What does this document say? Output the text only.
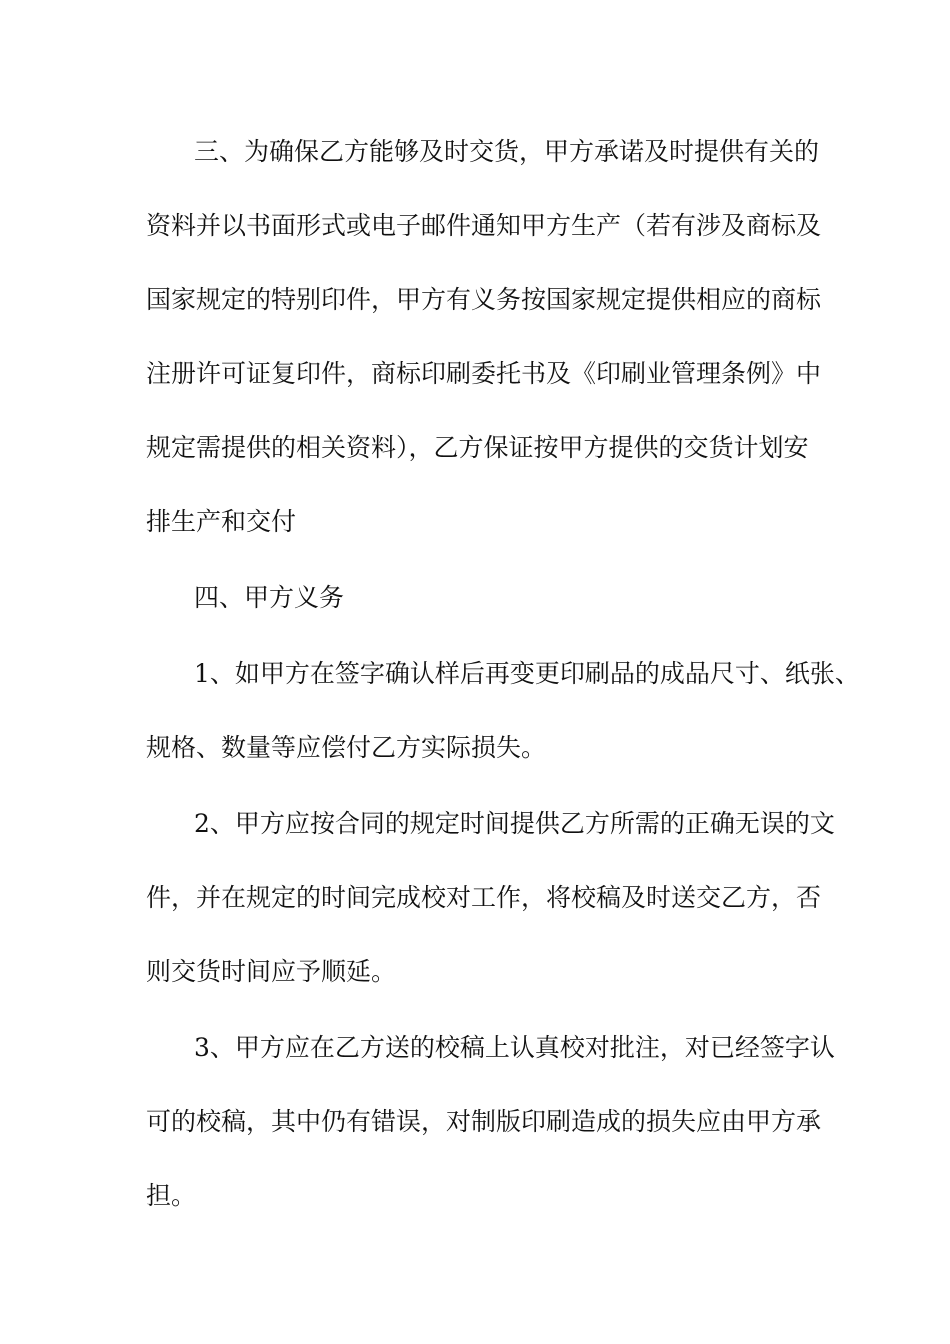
三、为确保乙方能够及时交货，甲方承诺及时提供有关的
资料并以书面形式或电子邮件通知甲方生产（若有涉及商标及
国家规定的特别印件，甲方有义务按国家规定提供相应的商标
注册许可证复印件，商标印刷委托书及《印刷业管理条例》中
规定需提供的相关资料），乙方保证按甲方提供的交货计划安
排生产和交付
四、甲方义务
1、如甲方在签字确认样后再变更印刷品的成品尺寸、纸张、
规格、数量等应偿付乙方实际损失。
2、甲方应按合同的规定时间提供乙方所需的正确无误的文
件，并在规定的时间完成校对工作，将校稿及时送交乙方，否
则交货时间应予顺延。
3、甲方应在乙方送的校稿上认真校对批注，对已经签字认
可的校稿，其中仍有错误，对制版印刷造成的损失应由甲方承
担。
